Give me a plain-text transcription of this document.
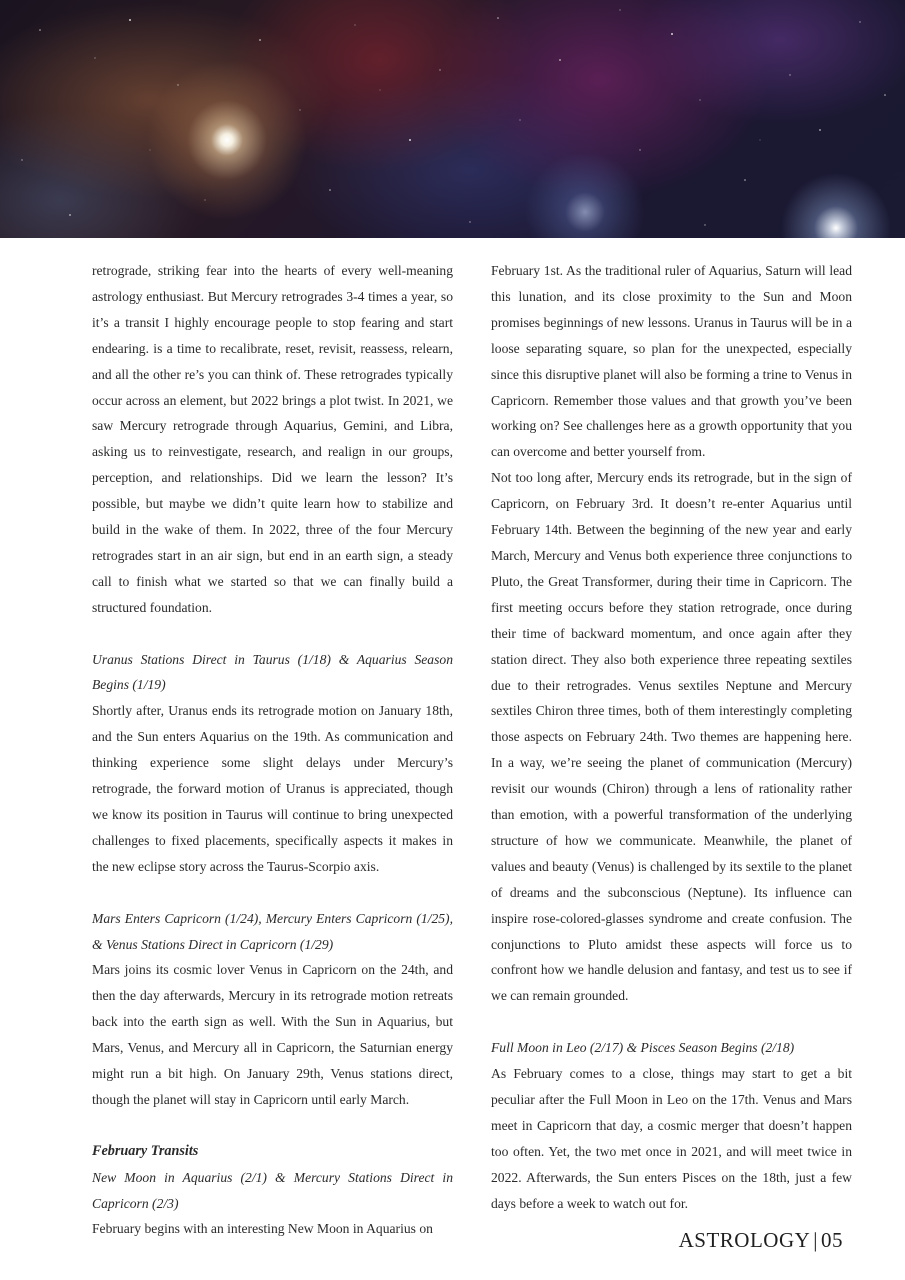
retrograde, striking fear into the hearts of every well-meaning astrology enthusiast. But Mercury retrogrades 3-4 times a year, so it’s a transit I highly encourage people to stop fearing and start endearing. is a time to recalibrate, reset, revisit, reassess, relearn, and all the other re’s you can think of. These retrogrades typically occur across an element, but 2022 brings a plot twist. In 2021, we saw Mercury retrograde through Aquarius, Gemini, and Libra, asking us to reinvestigate, research, and realign in our groups, perception, and relationships. Did we learn the lesson? It’s possible, but maybe we didn’t quite learn how to stabilize and build in the wake of them. In 2022, three of the four Mercury retrogrades start in an air sign, but end in an earth sign, a steady call to finish what we started so that we can finally build a structured foundation.

Uranus Stations Direct in Taurus (1/18) & Aquarius Season Begins (1/19)

Shortly after, Uranus ends its retrograde motion on January 18th, and the Sun enters Aquarius on the 19th. As communication and thinking experience some slight delays under Mercury’s retrograde, the forward motion of Uranus is appreciated, though we know its position in Taurus will continue to bring unexpected challenges to fixed placements, specifically aspects it makes in the new eclipse story across the Taurus-Scorpio axis.

Mars Enters Capricorn (1/24), Mercury Enters Capricorn (1/25), & Venus Stations Direct in Capricorn (1/29)

Mars joins its cosmic lover Venus in Capricorn on the 24th, and then the day afterwards, Mercury in its retrograde motion retreats back into the earth sign as well. With the Sun in Aquarius, but Mars, Venus, and Mercury all in Capricorn, the Saturnian energy might run a bit high. On January 29th, Venus stations direct, though the planet will stay in Capricorn until early March.

February Transits

New Moon in Aquarius (2/1) & Mercury Stations Direct in Capricorn (2/3)

February begins with an interesting New Moon in Aquarius on

February 1st. As the traditional ruler of Aquarius, Saturn will lead this lunation, and its close proximity to the Sun and Moon promises beginnings of new lessons. Uranus in Taurus will be in a loose separating square, so plan for the unexpected, especially since this disruptive planet will also be forming a trine to Venus in Capricorn. Remember those values and that growth you’ve been working on? See challenges here as a growth opportunity that you can overcome and better yourself from.

Not too long after, Mercury ends its retrograde, but in the sign of Capricorn, on February 3rd. It doesn’t re-enter Aquarius until February 14th. Between the beginning of the new year and early March, Mercury and Venus both experience three conjunctions to Pluto, the Great Transformer, during their time in Capricorn. The first meeting occurs before they station retrograde, once during their time of backward momentum, and once again after they station direct. They also both experience three repeating sextiles due to their retrogrades. Venus sextiles Neptune and Mercury sextiles Chiron three times, both of them interestingly completing those aspects on February 24th. Two themes are happening here. In a way, we’re seeing the planet of communication (Mercury) revisit our wounds (Chiron) through a lens of rationality rather than emotion, with a powerful transformation of the underlying structure of how we communicate. Meanwhile, the planet of values and beauty (Venus) is challenged by its sextile to the planet of dreams and the subconscious (Neptune). Its influence can inspire rose-colored-glasses syndrome and create confusion. The conjunctions to Pluto amidst these aspects will force us to confront how we handle delusion and fantasy, and test us to see if we can remain grounded.

Full Moon in Leo (2/17) & Pisces Season Begins (2/18)

As February comes to a close, things may start to get a bit peculiar after the Full Moon in Leo on the 17th. Venus and Mars meet in Capricorn that day, a cosmic merger that doesn’t happen too often. Yet, the two met once in 2021, and will meet twice in 2022. Afterwards, the Sun enters Pisces on the 18th, just a few days before a week to watch out for.

ASTROLOGY | 05
